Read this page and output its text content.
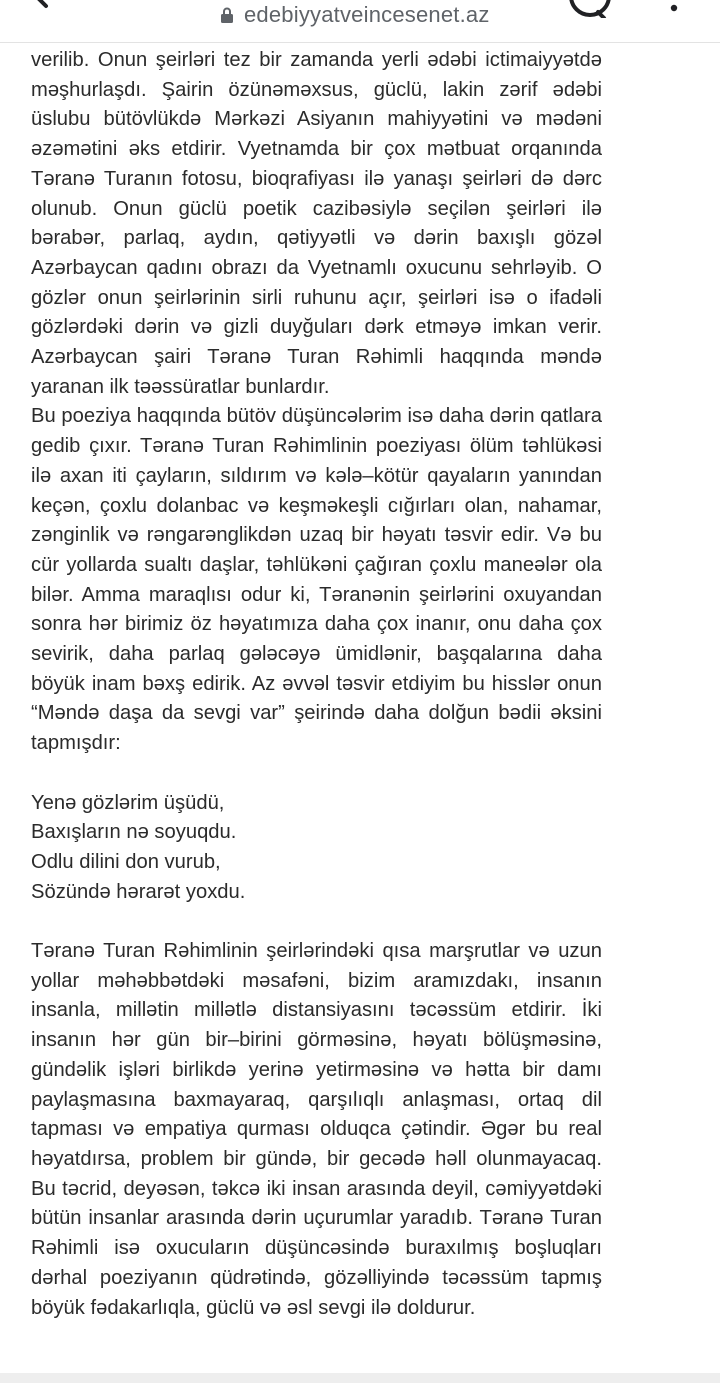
edebiyyatveincesenet.az

verilib. Onun şeirləri tez bir zamanda yerli ədəbi ictimaiyyətdə məşhurlaşdı. Şairin özünəməxsus, güclü, lakin zərif ədəbi üslubu bütövlükdə Mərkəzi Asiyanın mahiyyətini və mədəni əzəmətini əks etdirir. Vyetnamda bir çox mətbuat orqanında Təranə Turanın fotosu, bioqrafiyası ilə yanaşı şeirləri də dərc olunub. Onun güclü poetik cazibəsiylə seçilən şeirləri ilə bərabər, parlaq, aydın, qətiyyətli və dərin baxışlı gözəl Azərbaycan qadını obrazı da Vyetnamlı oxucunu sehrləyib. O gözlər onun şeirlərinin sirli ruhunu açır, şeirləri isə o ifadəli gözlərdəki dərin və gizli duyğuları dərk etməyə imkan verir. Azərbaycan şairi Təranə Turan Rəhimli haqqında məndə yaranan ilk təəssüratlar bunlardır.

Bu poeziya haqqında bütöv düşüncələrim isə daha dərin qatlara gedib çıxır. Təranə Turan Rəhimlinin poeziyası ölüm təhlükəsi ilə axan iti çayların, sıldırım və kələ–kötür qayaların yanından keçən, çoxlu dolanbac və keşməkeşli cığırları olan, nahamar, zənginlik və rəngarənglikdən uzaq bir həyatı təsvir edir. Və bu cür yollarda sualtı daşlar, təhlükəni çağıran çoxlu maneələr ola bilər. Amma maraqlısı odur ki, Təranənin şeirlərini oxuyandan sonra hər birimiz öz həyatımıza daha çox inanır, onu daha çox sevirik, daha parlaq gələcəyə ümidlənir, başqalarına daha böyük inam bəxş edirik. Az əvvəl təsvir etdiyim bu hisslər onun “Məndə daşa da sevgi var” şeirində daha dolğun bədii əksini tapmışdır:

Yenə gözlərim üşüdü,

Baxışların nə soyuqdu.

Odlu dilini don vurub,

Sözündə hərarət yoxdu.

Təranə Turan Rəhimlinin şeirlərindəki qısa marşrutlar və uzun yollar məhəbbətdəki məsafəni, bizim aramızdakı, insanın insanla, millətin millətlə distansiyasını təcəssüm etdirir. İki insanın hər gün bir–birini görməsinə, həyatı bölüşməsinə, gündəlik işləri birlikdə yerinə yetirməsinə və hətta bir damı paylaşmasına baxmayaraq, qarşılıqlı anlaşması, ortaq dil tapması və empatiya qurması olduqca çətindir. Əgər bu real həyatdırsa, problem bir gündə, bir gecədə həll olunmayacaq. Bu təcrid, deyəsən, təkcə iki insan arasında deyil, cəmiyyətdəki bütün insanlar arasında dərin uçurumlar yaradıb. Təranə Turan Rəhimli isə oxucuların düşüncəsində buraxılmış boşluqları dərhal poeziyanın qüdrətində, gözəlliyində təcəssüm tapmış böyük fədakarlıqla, güclü və əsl sevgi ilə doldurur.
